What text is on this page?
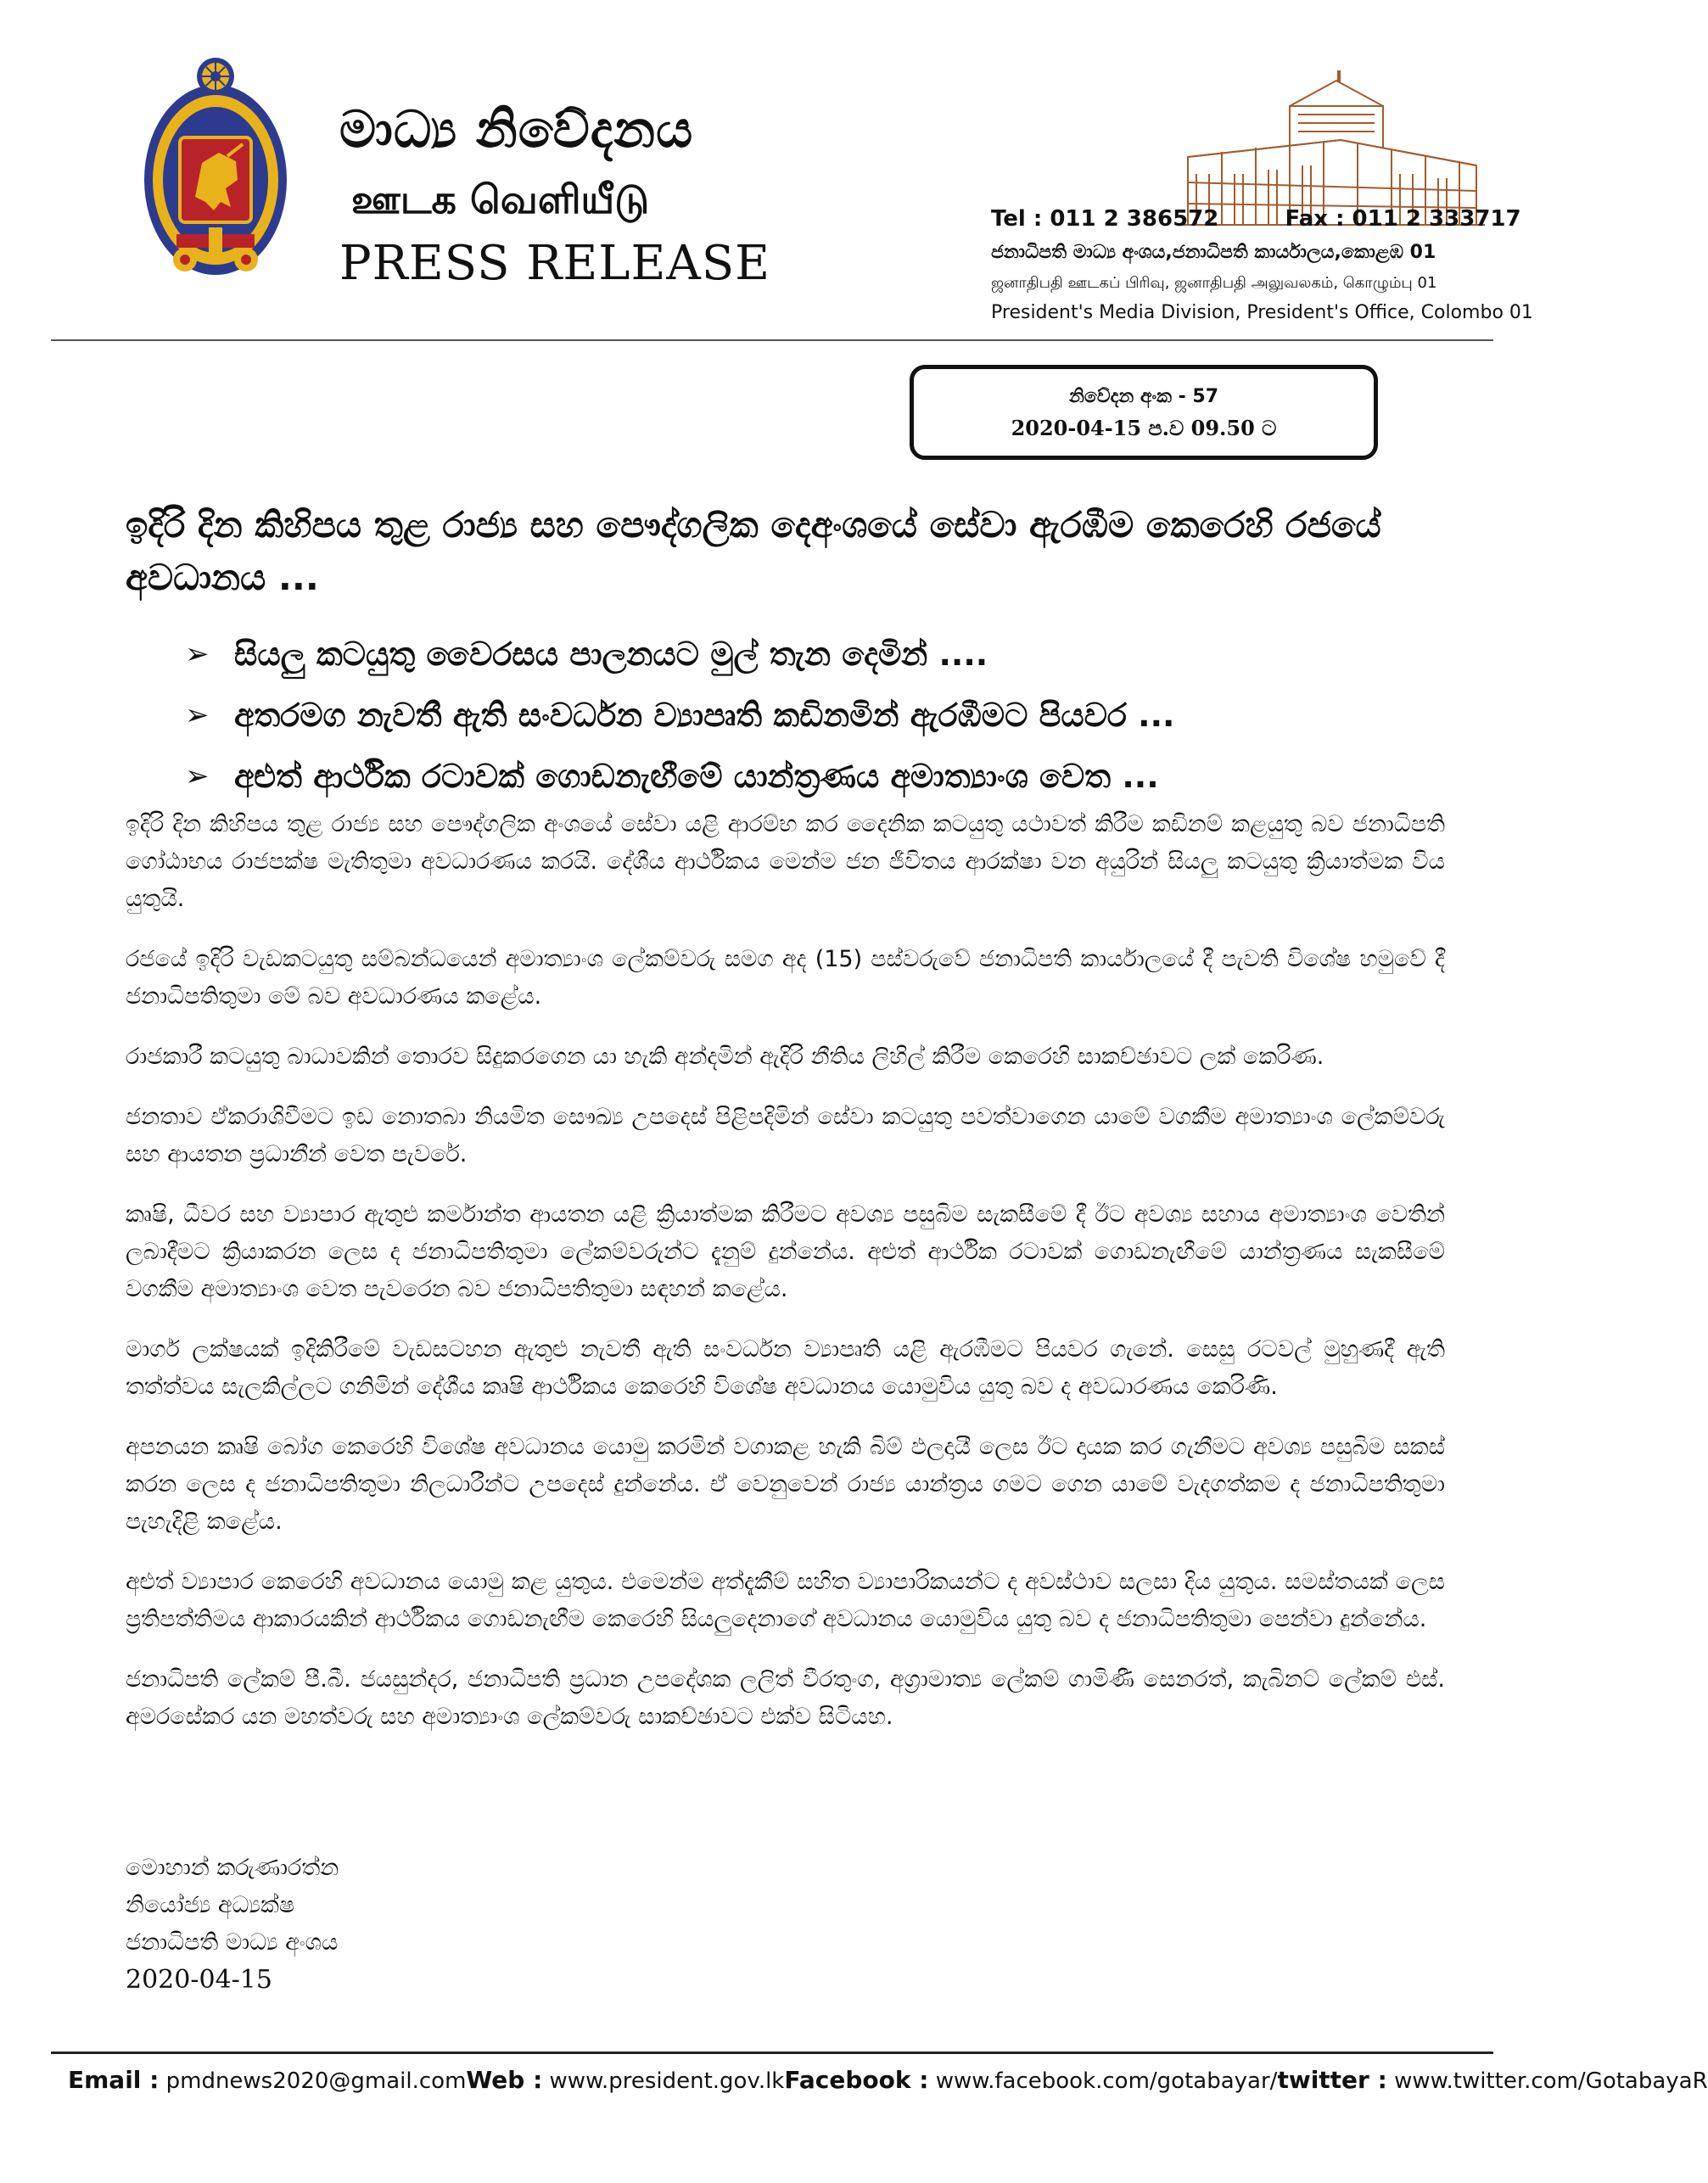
මාධ්‍ය නිවේදනය
ஊடக வெளியீடு
PRESS RELEASE
Tel : 011 2 386572	Fax : 011 2 333717
ජනාධිපති මාධ්‍ය අංශය,ජනාධිපති කාර්යාලය,කොළඹ 01
ஜனாதிபதி ஊடகப் பிரிவு, ஜனாதிபதி அலுவலகம், கொழும்பு 01
President's Media Division, President's Office, Colombo 01
නිවේදන අංක - 57
2020-04-15 ප.ව 09.50 ට
ඉදිරි දින කිහිපය තුළ රාජ්‍ය සහ පෞද්ගලික දෙඅංශයේ සේවා ඇරඹීම කෙරෙහි රජයේ අවධානය ...
➢ සියලු කටයුතු වෛරසය පාලනයට මුල් තැන දෙමින් ....
➢ අතරමග නැවතී ඇති සංවර්ධන ව්‍යාපෘති කඩිනමින් ඇරඹීමට පියවර ...
➢ අළුත් ආර්ථික රටාවක් ගොඩනැඟීමේ යාන්ත්‍රණය අමාත්‍යාංශ වෙත ...

ඉදිරි දින කිහිපය තුළ රාජ්‍ය සහ පෞද්ගලික අංශයේ සේවා යළි ආරම්භ කර දෛනික කටයුතු යථාවත් කිරීම කඩිනම් කළයුතු බව ජනාධිපති ගෝඨාභය රාජපක්ෂ මැතිතුමා අවධාරණය කරයි. දේශීය ආර්ථිකය මෙන්ම ජන ජීවිතය ආරක්ෂා වන අයුරින් සියලු කටයුතු ක්‍රියාත්මක විය යුතුයි.

රජයේ ඉදිරි වැඩකටයුතු සම්බන්ධයෙන් අමාත්‍යාංශ ලේකම්වරු සමග අද (15) පස්වරුවේ ජනාධිපති කාර්යාලයේ දී පැවති විශේෂ හමුවේ දී ජනාධිපතිතුමා මේ බව අවධාරණය කළේය.

රාජකාරී කටයුතු බාධාවකින් තොරව සිදුකරගෙන යා හැකි අන්දමින් ඇදිරි නීතිය ලිහිල් කිරීම කෙරෙහි සාකච්ඡාවට ලක් කෙරිණ.

ජනතාව ඒකරාශිවීමට ඉඩ නොතබා නියමිත සෞඛ්‍ය උපදෙස් පිළිපදිමින් සේවා කටයුතු පවත්වාගෙන යාමේ වගකීම අමාත්‍යාංශ ලේකම්වරු සහ ආයතන ප්‍රධානීන් වෙත පැවරේ.

කෘෂි, ධීවර සහ ව්‍යාපාර ඇතුළු කර්මාන්ත ආයතන යළි ක්‍රියාත්මක කිරීමට අවශ්‍ය පසුබිම සැකසීමේ දී ඊට අවශ්‍ය සහාය අමාත්‍යාංශ වෙතින් ලබාදීමට ක්‍රියාකරන ලෙස ද ජනාධිපතිතුමා ලේකම්වරුන්ට දැනුම් දුන්නේය. අළුත් ආර්ථික රටාවක් ගොඩනැඟීමේ යාන්ත්‍රණය සැකසීමේ වගකීම අමාත්‍යාංශ වෙත පැවරෙන බව ජනාධිපතිතුමා සඳහන් කළේය.

මාර්ග ලක්ෂයක් ඉදිකිරීමේ වැඩසටහන ඇතුළු නැවතී ඇති සංවර්ධන ව්‍යාපෘති යළි ඇරඹීමට පියවර ගැනේ. සෙසු රටවල් මුහුණදී ඇති තත්ත්වය සැලකිල්ලට ගනිමින් දේශීය කෘෂි ආර්ථිකය කෙරෙහි විශේෂ අවධානය යොමුවිය යුතු බව ද අවධාරණය කෙරිණි.

අපනයන කෘෂි බෝග කෙරෙහි විශේෂ අවධානය යොමු කරමින් වගාකළ හැකි බිම් ඵලදායී ලෙස ඊට දායක කර ගැනීමට අවශ්‍ය පසුබිම සකස් කරන ලෙස ද ජනාධිපතිතුමා නිලධාරීන්ට උපදෙස් දුන්නේය. ඒ වෙනුවෙන් රාජ්‍ය යාන්ත්‍රය ගමට ගෙන යාමේ වැදගත්කම ද ජනාධිපතිතුමා පැහැදිළි කළේය.

අළුත් ව්‍යාපාර කෙරෙහි අවධානය යොමු කළ යුතුය. එමෙන්ම අත්දැකීම් සහිත ව්‍යාපාරිකයන්ට ද අවස්ථාව සලසා දිය යුතුය. සමස්තයක් ලෙස ප්‍රතිපත්තිමය ආකාරයකින් ආර්ථිකය ගොඩනැඟීම කෙරෙහි සියලුදෙනාගේ අවධානය යොමුවිය යුතු බව ද ජනාධිපතිතුමා පෙන්වා දුන්නේය.

ජනාධිපති ලේකම් පී.බී. ජයසුන්දර, ජනාධිපති ප්‍රධාන උපදේශක ලලිත් වීරතුංග, අග්‍රාමාත්‍ය ලේකම් ගාමිණී සෙනරත්, කැබිනට් ලේකම් එස්. අමරසේකර යන මහත්වරු සහ අමාත්‍යාංශ ලේකම්වරු සාකච්ඡාවට එක්ව සිටියහ.

මොහාන් කරුණාරත්න
නියෝජ්‍ය අධ්‍යක්ෂ
ජනාධිපති මාධ්‍ය අංශය
2020-04-15
Email : pmdnews2020@gmail.com Web : www.president.gov.lk Facebook : www.facebook.com/gotabayar/ twitter : www.twitter.com/GotabayaR
